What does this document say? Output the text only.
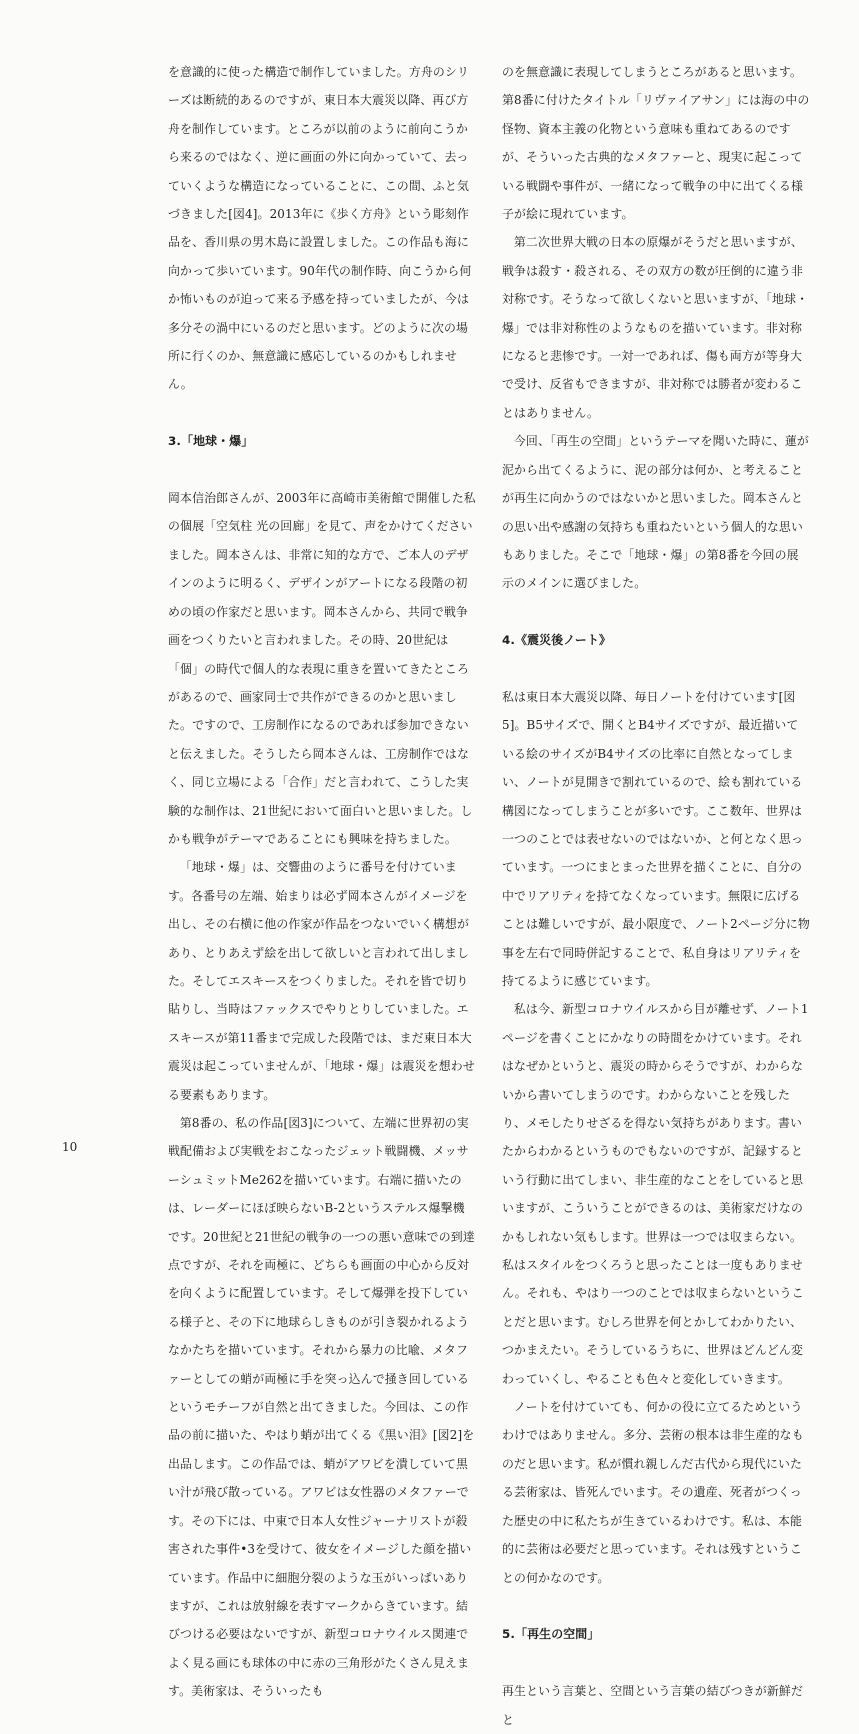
を意識的に使った構造で制作していました。方舟のシリーズは断続的あるのですが、東日本大震災以降、再び方舟を制作しています。ところが以前のように前向こうから来るのではなく、逆に画面の外に向かっていて、去っていくような構造になっていることに、この間、ふと気づきました[図4]。2013年に《歩く方舟》という彫刻作品を、香川県の男木島に設置しました。この作品も海に向かって歩いています。90年代の制作時、向こうから何か怖いものが迫って来る予感を持っていましたが、今は多分その渦中にいるのだと思います。どのように次の場所に行くのか、無意識に感応しているのかもしれません。

3.「地球・爆」

岡本信治郎さんが、2003年に高崎市美術館で開催した私の個展「空気柱 光の回廊」を見て、声をかけてくださいました。岡本さんは、非常に知的な方で、ご本人のデザインのように明るく、デザインがアートになる段階の初めの頃の作家だと思います。岡本さんから、共同で戦争画をつくりたいと言われました。その時、20世紀は「個」の時代で個人的な表現に重きを置いてきたところがあるので、画家同士で共作ができるのかと思いました。ですので、工房制作になるのであれば参加できないと伝えました。そうしたら岡本さんは、工房制作ではなく、同じ立場による「合作」だと言われて、こうした実験的な制作は、21世紀において面白いと思いました。しかも戦争がテーマであることにも興味を持ちました。

「地球・爆」は、交響曲のように番号を付けています。各番号の左端、始まりは必ず岡本さんがイメージを出し、その右横に他の作家が作品をつないでいく構想があり、とりあえず絵を出して欲しいと言われて出しました。そしてエスキースをつくりました。それを皆で切り貼りし、当時はファックスでやりとりしていました。エスキースが第11番まで完成した段階では、まだ東日本大震災は起こっていませんが、「地球・爆」は震災を想わせる要素もあります。

第8番の、私の作品[図3]について、左端に世界初の実戦配備および実戦をおこなったジェット戦闘機、メッサーシュミットMe262を描いています。右端に描いたのは、レーダーにほぼ映らないB-2というステルス爆撃機です。20世紀と21世紀の戦争の一つの悪い意味での到達点ですが、それを両極に、どちらも画面の中心から反対を向くように配置しています。そして爆弾を投下している様子と、その下に地球らしきものが引き裂かれるようなかたちを描いています。それから暴力の比喩、メタファーとしての蛸が両極に手を突っ込んで掻き回しているというモチーフが自然と出てきました。今回は、この作品の前に描いた、やはり蛸が出てくる《黒い泪》[図2]を出品します。この作品では、蛸がアワビを潰していて黒い汁が飛び散っている。アワビは女性器のメタファーです。その下には、中東で日本人女性ジャーナリストが殺害された事件•3を受けて、彼女をイメージした顔を描いています。作品中に細胞分裂のような玉がいっぱいありますが、これは放射線を表すマークからきています。結びつける必要はないですが、新型コロナウイルス関連でよく見る画にも球体の中に赤の三角形がたくさん見えます。美術家は、そういったも

のを無意識に表現してしまうところがあると思います。第8番に付けたタイトル「リヴァイアサン」には海の中の怪物、資本主義の化物という意味も重ねてあるのですが、そういった古典的なメタファーと、現実に起こっている戦闘や事件が、一緒になって戦争の中に出てくる様子が絵に現れています。

第二次世界大戦の日本の原爆がそうだと思いますが、戦争は殺す・殺される、その双方の数が圧倒的に違う非対称です。そうなって欲しくないと思いますが、「地球・爆」では非対称性のようなものを描いています。非対称になると悲惨です。一対一であれば、傷も両方が等身大で受け、反省もできますが、非対称では勝者が変わることはありません。

今回、「再生の空間」というテーマを聞いた時に、蓮が泥から出てくるように、泥の部分は何か、と考えることが再生に向かうのではないかと思いました。岡本さんとの思い出や感謝の気持ちも重ねたいという個人的な思いもありました。そこで「地球・爆」の第8番を今回の展示のメインに選びました。

4.《震災後ノート》

私は東日本大震災以降、毎日ノートを付けています[図5]。B5サイズで、開くとB4サイズですが、最近描いている絵のサイズがB4サイズの比率に自然となってしまい、ノートが見開きで割れているので、絵も割れている構図になってしまうことが多いです。ここ数年、世界は一つのことでは表せないのではないか、と何となく思っています。一つにまとまった世界を描くことに、自分の中でリアリティを持てなくなっています。無限に広げることは難しいですが、最小限度で、ノート2ページ分に物事を左右で同時併記することで、私自身はリアリティを持てるように感じています。

私は今、新型コロナウイルスから目が離せず、ノート1ページを書くことにかなりの時間をかけています。それはなぜかというと、震災の時からそうですが、わからないから書いてしまうのです。わからないことを残したり、メモしたりせざるを得ない気持ちがあります。書いたからわかるというものでもないのですが、記録するという行動に出てしまい、非生産的なことをしていると思いますが、こういうことができるのは、美術家だけなのかもしれない気もします。世界は一つでは収まらない。私はスタイルをつくろうと思ったことは一度もありません。それも、やはり一つのことでは収まらないということだと思います。むしろ世界を何とかしてわかりたい、つかまえたい。そうしているうちに、世界はどんどん変わっていくし、やることも色々と変化していきます。

ノートを付けていても、何かの役に立てるためというわけではありません。多分、芸術の根本は非生産的なものだと思います。私が慣れ親しんだ古代から現代にいたる芸術家は、皆死んでいます。その遺産、死者がつくった歴史の中に私たちが生きているわけです。私は、本能的に芸術は必要だと思っています。それは残すということの何かなのです。

5.「再生の空間」

再生という言葉と、空間という言葉の結びつきが新鮮だと

10
